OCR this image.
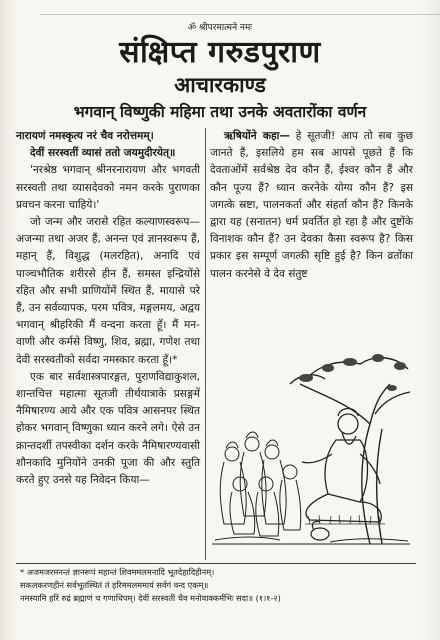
ॐ श्रीपरमात्मने नमः
संक्षिप्त गरुडपुराण
आचारकाण्ड
भगवान् विष्णुकी महिमा तथा उनके अवतारोंका वर्णन

नारायणं नमस्कृत्य नरं चैव नरोत्तमम्।

देवीं सरस्वतीं व्यासं ततो जयमुदीरयेत्॥

'नरश्रेष्ठ भगवान् श्रीनरनारायण और भगवती सरस्वती तथा व्यासदेवको नमन करके पुराणका प्रवचन करना चाहिये।'

जो जन्म और जरासे रहित कल्याणस्वरूप—अजन्मा तथा अजर हैं, अनन्त एवं ज्ञानस्वरूप हैं, महान् हैं, विशुद्ध (मलरहित), अनादि एवं पाञ्चभौतिक शरीरसे हीन हैं, समस्त इन्द्रियोंसे रहित और सभी प्राणियोंमें स्थित हैं, मायासे परे हैं, उन सर्वव्यापक, परम पवित्र, मङ्गलमय, अद्वय भगवान् श्रीहरिकी मैं वन्दना करता हूँ। मैं मन-वाणी और कर्मसे विष्णु, शिव, ब्रह्मा, गणेश तथा देवी सरस्वतीको सर्वदा नमस्कार करता हूँ।*

एक बार सर्वशास्त्रपारङ्गत, पुराणविद्याकुशल, शान्तचित्त महात्मा सूतजी तीर्थयात्राके प्रसङ्गमें नैमिषारण्य आये और एक पवित्र आसनपर स्थित होकर भगवान् विष्णुका ध्यान करने लगे। ऐसे उन क्रान्तदर्शी तपस्वीका दर्शन करके नैमिषारण्यवासी शौनकादि मुनियोंने उनकी पूजा की और स्तुति करते हुए उनसे यह निवेदन किया—

ऋषियोंने कहा— हे सूतजी! आप तो सब कुछ जानते हैं, इसलिये हम सब आपसे पूछते हैं कि देवताओंमें सर्वश्रेष्ठ देव कौन हैं, ईश्वर कौन हैं और कौन पूज्य हैं? ध्यान करनेके योग्य कौन हैं? इस जगत्के स्रष्टा, पालनकर्ता और संहर्ता कौन हैं? किनके द्वारा यह (सनातन) धर्म प्रवर्तित हो रहा है और दुष्टोंके विनाशक कौन हैं? उन देवका कैसा स्वरूप है? किस प्रकार इस सम्पूर्ण जगत्की सृष्टि हुई है? किन व्रतोंका पालन करनेसे वे देव संतुष्ट

* अजमजरमनन्तं ज्ञानरूपं महान्तं शिवममलमनादिं भूतदेहादिहीनम्।

सकलकरणहीनं सर्वभूतस्थितं तं हरिममलममायं सर्वगं वन्द एकम्॥

नमस्यामि हरिं रुद्रं ब्रह्माणं च गणाधिपम्। देवीं सरस्वतीं चैव मनोवाक्कर्मभिः सदा॥ (१।१-२)
